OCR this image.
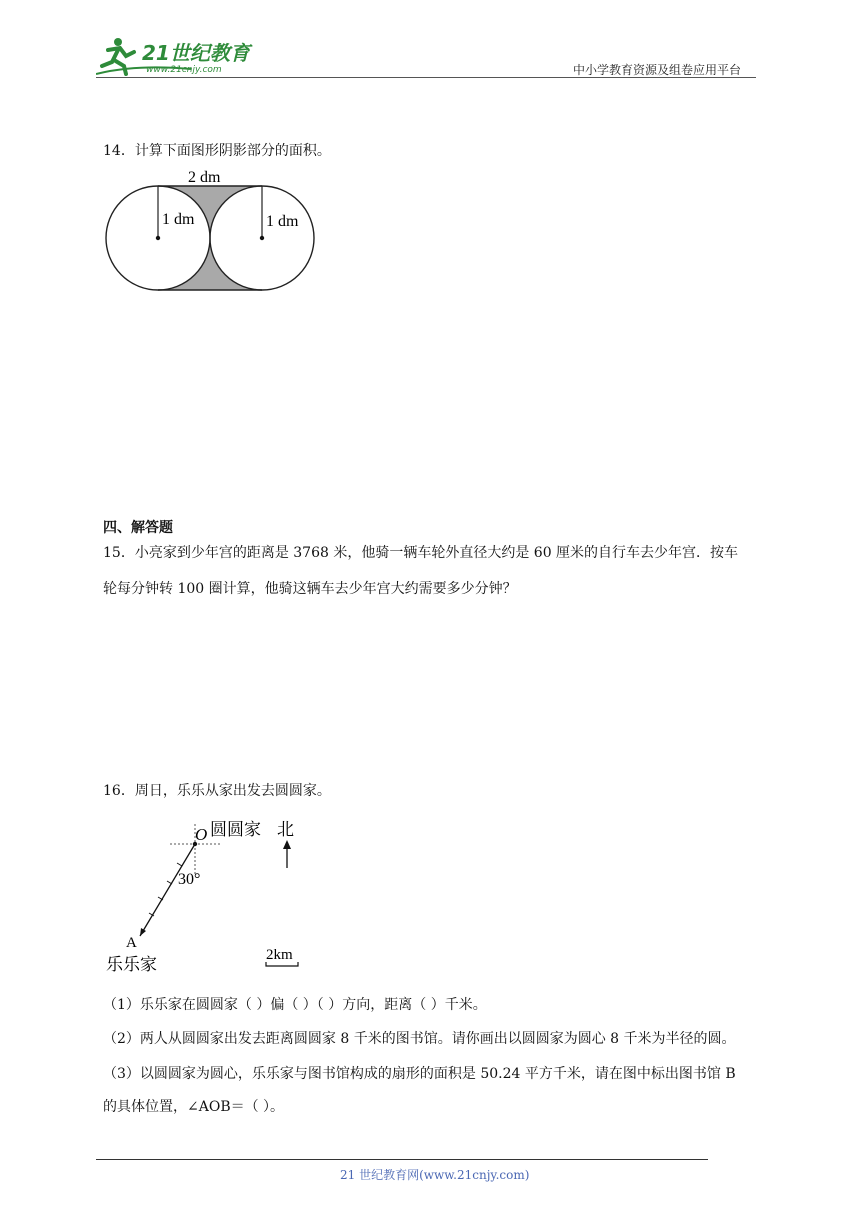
21世纪教育
www.21cnjy.com	中小学教育资源及组卷应用平台
14．计算下面图形阴影部分的面积。
2 dm
1 dm	1 dm
四、解答题
15．小亮家到少年宫的距离是 3768 米，他骑一辆车轮外直径大约是 60 厘米的自行车去少年宫．按车
轮每分钟转 100 圈计算，他骑这辆车去少年宫大约需要多少分钟？
16．周日，乐乐从家出发去圆圆家。
O 圆圆家 北
30°
A
乐乐家	2km
（1）乐乐家在圆圆家（ ）偏（ ）（ ）方向，距离（ ）千米。
（2）两人从圆圆家出发去距离圆圆家 8 千米的图书馆。请你画出以圆圆家为圆心 8 千米为半径的圆。
（3）以圆圆家为圆心，乐乐家与图书馆构成的扇形的面积是 50.24 平方千米，请在图中标出图书馆 B
的具体位置，∠AOB＝（ ）。
21 世纪教育网(www.21cnjy.com)
